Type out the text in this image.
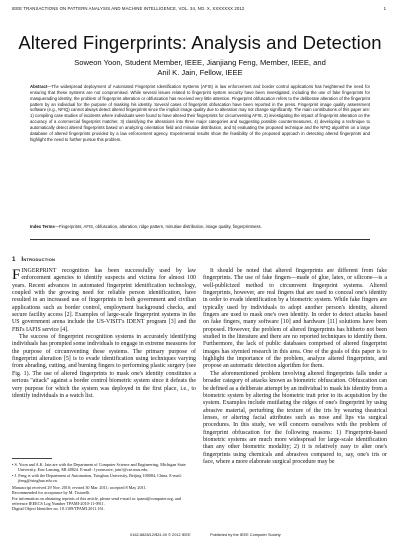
IEEE TRANSACTIONS ON PATTERN ANALYSIS AND MACHINE INTELLIGENCE, VOL. 34, NO. X, XXXXXXX 2012	1
Altered Fingerprints: Analysis and Detection
Soweon Yoon, Student Member, IEEE, Jianjiang Feng, Member, IEEE, and
Anil K. Jain, Fellow, IEEE

Abstract—The widespread deployment of Automated Fingerprint Identification Systems (AFIS) in law enforcement and border control applications has heightened the need for ensuring that these systems are not compromised. While several issues related to fingerprint system security have been investigated, including the use of fake fingerprints for masquerading identity, the problem of fingerprint alteration or obfuscation has received very little attention. Fingerprint obfuscation refers to the deliberate alteration of the fingerprint pattern by an individual for the purpose of masking his identity. Several cases of fingerprint obfuscation have been reported in the press. Fingerprint image quality assessment software (e.g., NFIQ) cannot always detect altered fingerprints since the implicit image quality due to alteration may not change significantly. The main contributions of this paper are: 1) compiling case studies of incidents where individuals were found to have altered their fingerprints for circumventing AFIS, 2) investigating the impact of fingerprint alteration on the accuracy of a commercial fingerprint matcher, 3) classifying the alterations into three major categories and suggesting possible countermeasures, 4) developing a technique to automatically detect altered fingerprints based on analyzing orientation field and minutiae distribution, and 5) evaluating the proposed technique and the NFIQ algorithm on a large database of altered fingerprints provided by a law enforcement agency. Experimental results show the feasibility of the proposed approach in detecting altered fingerprints and highlight the need to further pursue this problem.

Index Terms—Fingerprints, AFIS, obfuscation, alteration, ridge pattern, minutiae distribution, image quality, fingerprintness.

1 Introduction

FINGERPRINT recognition has been successfully used by law enforcement agencies to identify suspects and victims for almost 100 years. Recent advances in automated fingerprint identification technology, coupled with the growing need for reliable person identification, have resulted in an increased use of fingerprints in both government and civilian applications such as border control, employment background checks, and secure facility access [2]. Examples of large-scale fingerprint systems in the US government arena include the US-VISIT's IDENT program [3] and the FBI's IAFIS service [4].

The success of fingerprint recognition systems in accurately identifying individuals has prompted some individuals to engage in extreme measures for the purpose of circumventing these systems. The primary purpose of fingerprint alteration [5] is to evade identification using techniques varying from abrading, cutting, and burning fingers to performing plastic surgery (see Fig. 1). The use of altered fingerprints to mask one's identity constitutes a serious "attack" against a border control biometric system since it defeats the very purpose for which the system was deployed in the first place, i.e., to identify individuals in a watch list.

• S. Yoon and A.K. Jain are with the Department of Computer Science and Engineering, Michigan State University, East Lansing, MI 48824. E-mail: {yoonsowe, jain}@cse.msu.edu.

• J. Feng is with the Department of Automation, Tsinghua University, Beijing 100084, China. E-mail: jfeng@tsinghua.edu.cn.

Manuscript received 29 Nov. 2010; revised 30 Mar. 2011; accepted 8 May 2011.

Recommended for acceptance by M. Tistarelli.

For information on obtaining reprints of this article, please send e-mail to: tpami@computer.org, and reference IEEECS Log Number TPAMI-2010-11-0911.

Digital Object Identifier no. 10.1109/TPAMI.2011.161.

It should be noted that altered fingerprints are different from fake fingerprints. The use of fake fingers—made of glue, latex, or silicone—is a well-publicized method to circumvent fingerprint systems. Altered fingerprints, however, are real fingers that are used to conceal one's identity in order to evade identification by a biometric system. While fake fingers are typically used by individuals to adopt another person's identity, altered fingers are used to mask one's own identity. In order to detect attacks based on fake fingers, many software [10] and hardware [11] solutions have been proposed. However, the problem of altered fingerprints has hitherto not been studied in the literature and there are no reported techniques to identify them. Furthermore, the lack of public databases comprised of altered fingerprint images has stymied research in this area. One of the goals of this paper is to highlight the importance of the problem, analyze altered fingerprints, and propose an automatic detection algorithm for them.

The aforementioned problem involving altered fingerprints falls under a broader category of attacks known as biometric obfuscation. Obfuscation can be defined as a deliberate attempt by an individual to mask his identity from a biometric system by altering the biometric trait prior to its acquisition by the system. Examples include mutilating the ridges of one's fingerprint by using abrasive material, perturbing the texture of the iris by wearing theatrical lenses, or altering facial attributes such as nose and lips via surgical procedures. In this study, we will concern ourselves with the problem of fingerprint obfuscation for the following reasons: 1) Fingerprint-based biometric systems are much more widespread for large-scale identification than any other biometric modality; 2) it is relatively easy to alter one's fingerprints using chemicals and abrasives compared to, say, one's iris or face, where a more elaborate surgical procedure may be

0162-8828/12/$31.00 © 2012 IEEE	Published by the IEEE Computer Society
